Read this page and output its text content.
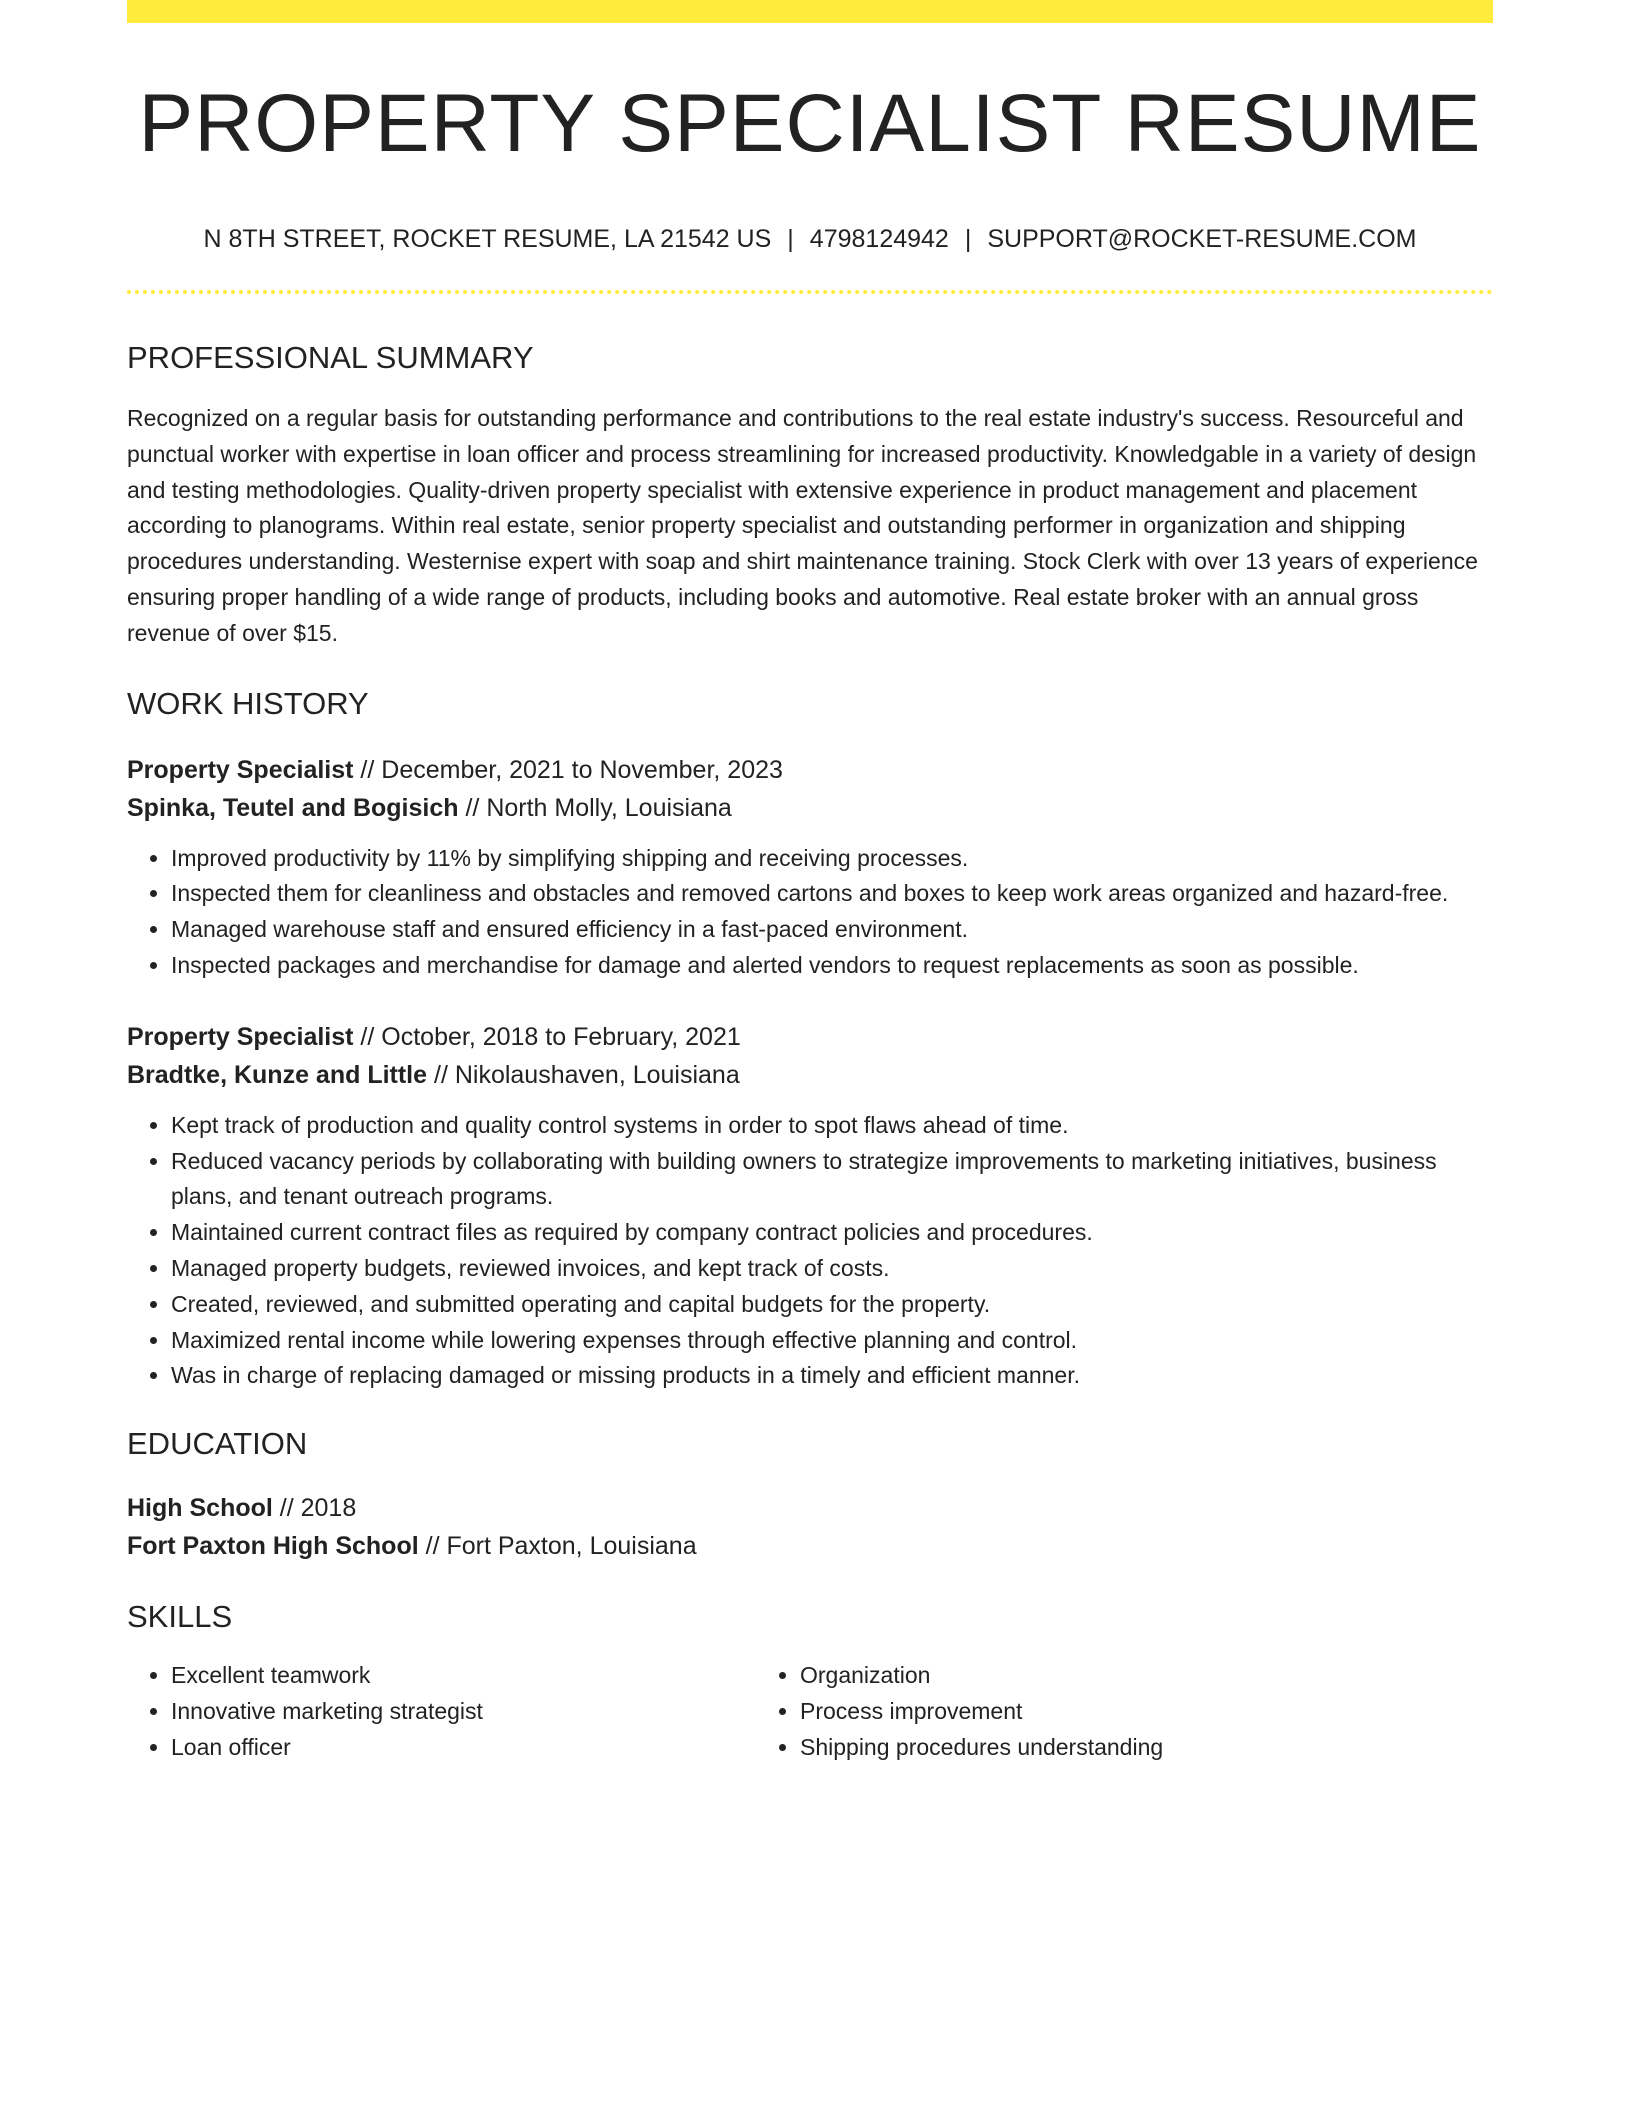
PROPERTY SPECIALIST RESUME
N 8TH STREET, ROCKET RESUME, LA 21542 US | 4798124942 | SUPPORT@ROCKET-RESUME.COM
PROFESSIONAL SUMMARY

Recognized on a regular basis for outstanding performance and contributions to the real estate industry's success. Resourceful and punctual worker with expertise in loan officer and process streamlining for increased productivity. Knowledgable in a variety of design and testing methodologies. Quality-driven property specialist with extensive experience in product management and placement according to planograms. Within real estate, senior property specialist and outstanding performer in organization and shipping procedures understanding. Westernise expert with soap and shirt maintenance training. Stock Clerk with over 13 years of experience ensuring proper handling of a wide range of products, including books and automotive. Real estate broker with an annual gross revenue of over $15.

WORK HISTORY
Property Specialist // December, 2021 to November, 2023
Spinka, Teutel and Bogisich // North Molly, Louisiana
• Improved productivity by 11% by simplifying shipping and receiving processes.
• Inspected them for cleanliness and obstacles and removed cartons and boxes to keep work areas organized and hazard-free.
• Managed warehouse staff and ensured efficiency in a fast-paced environment.
• Inspected packages and merchandise for damage and alerted vendors to request replacements as soon as possible.
Property Specialist // October, 2018 to February, 2021
Bradtke, Kunze and Little // Nikolaushaven, Louisiana
• Kept track of production and quality control systems in order to spot flaws ahead of time.
• Reduced vacancy periods by collaborating with building owners to strategize improvements to marketing initiatives, business plans, and tenant outreach programs.
• Maintained current contract files as required by company contract policies and procedures.
• Managed property budgets, reviewed invoices, and kept track of costs.
• Created, reviewed, and submitted operating and capital budgets for the property.
• Maximized rental income while lowering expenses through effective planning and control.
• Was in charge of replacing damaged or missing products in a timely and efficient manner.
EDUCATION
High School // 2018
Fort Paxton High School // Fort Paxton, Louisiana
SKILLS
• Excellent teamwork
• Innovative marketing strategist
• Loan officer
• Organization
• Process improvement
• Shipping procedures understanding
